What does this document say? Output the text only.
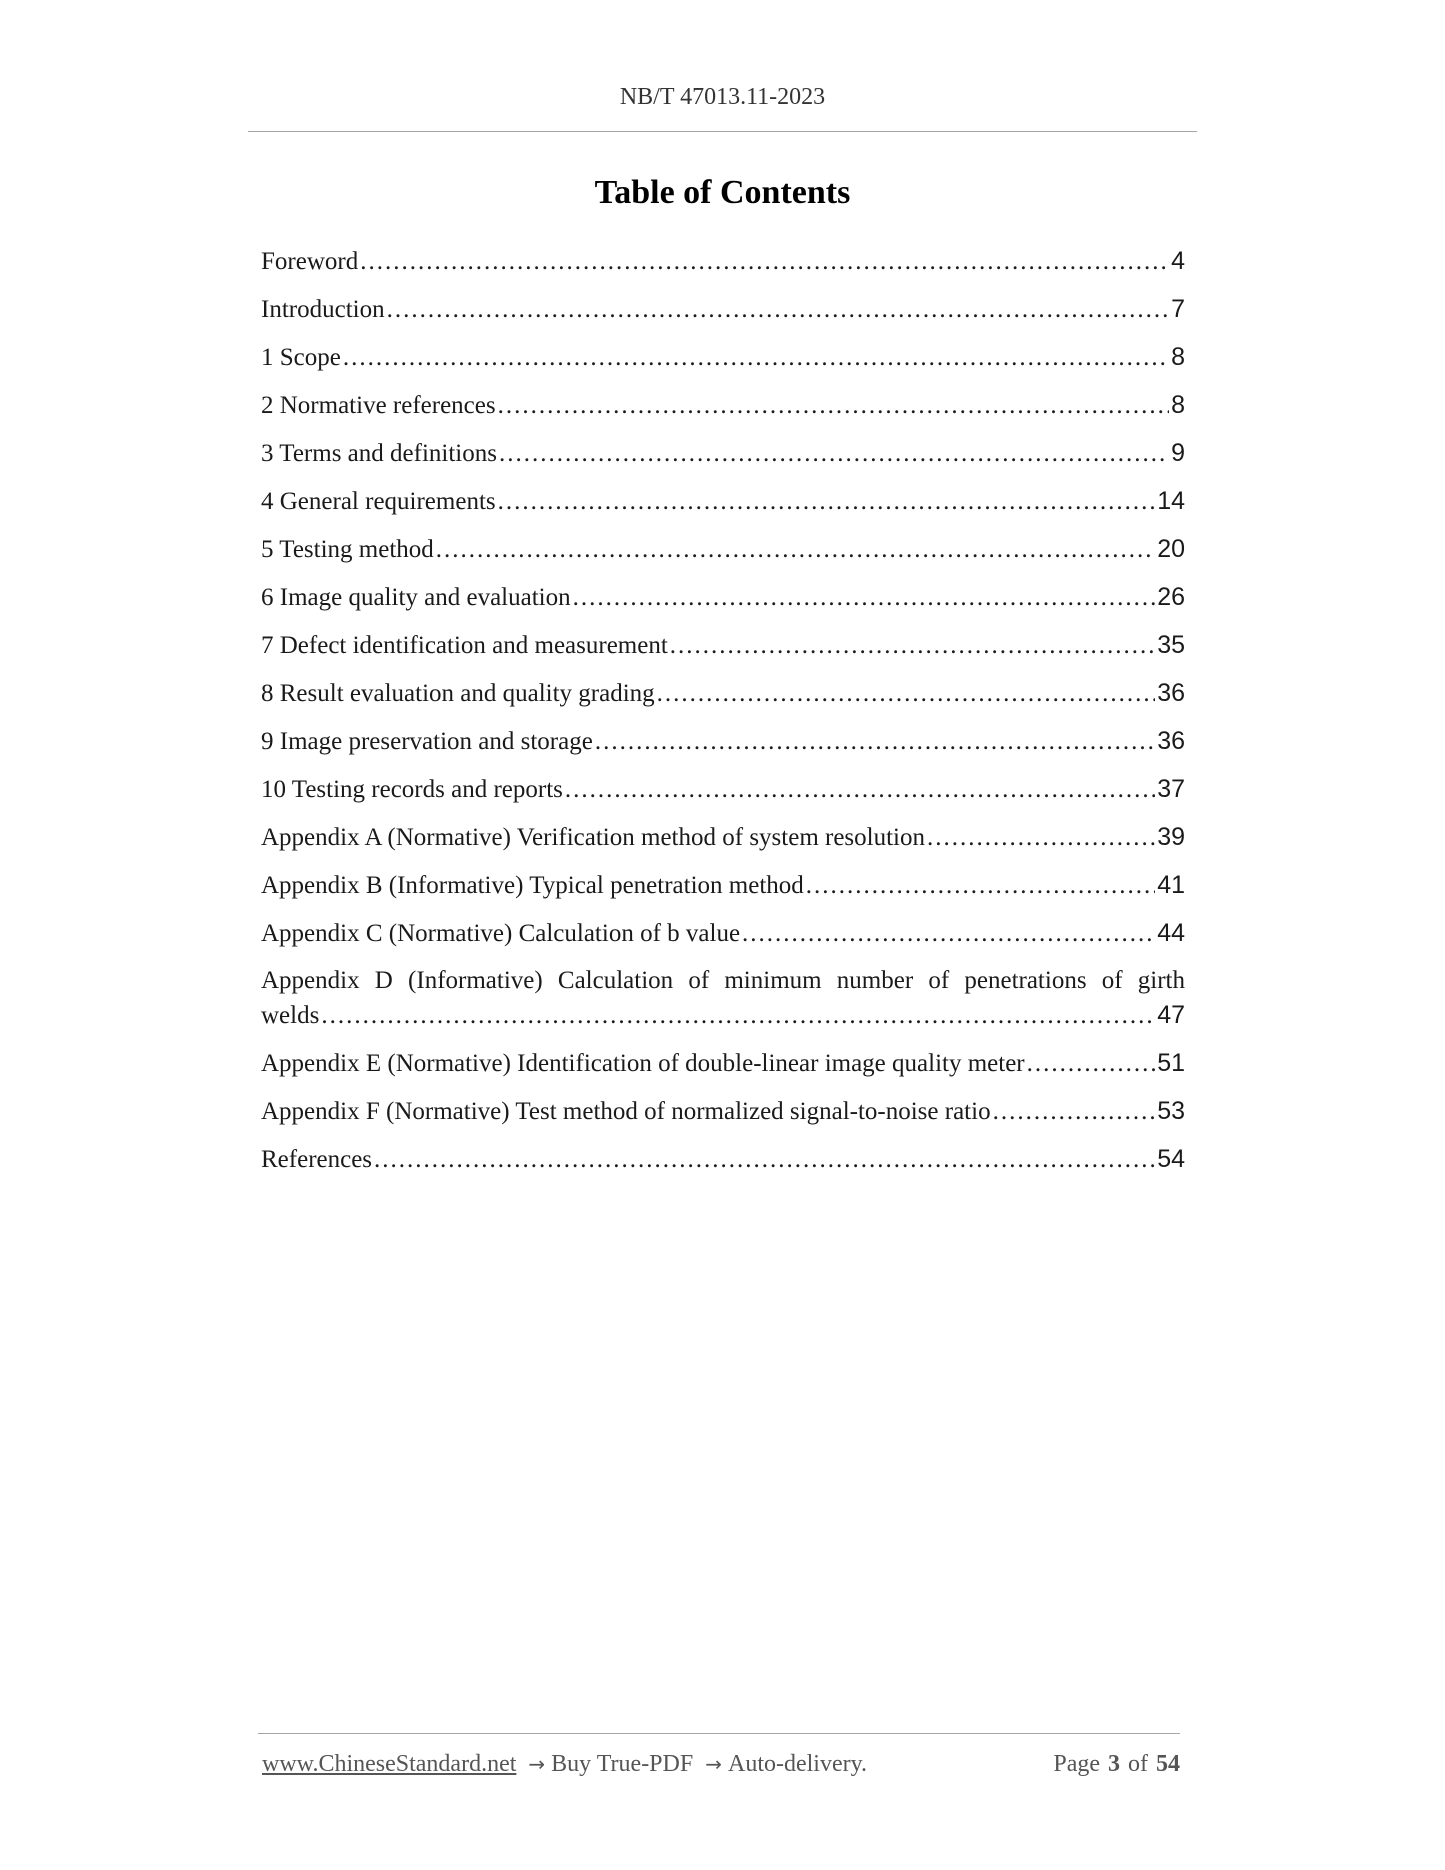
NB/T 47013.11-2023
Table of Contents
Foreword .....	4
Introduction .....	7
1 Scope .....	8
2 Normative references .....	8
3 Terms and definitions .....	9
4 General requirements .....	14
5 Testing method .....	20
6 Image quality and evaluation .....	26
7 Defect identification and measurement .....	35
8 Result evaluation and quality grading .....	36
9 Image preservation and storage .....	36
10 Testing records and reports .....	37
Appendix A (Normative) Verification method of system resolution .....	39
Appendix B (Informative) Typical penetration method .....	41
Appendix C (Normative) Calculation of b value .....	44
Appendix D (Informative) Calculation of minimum number of penetrations of girth
welds .....	47
Appendix E (Normative) Identification of double-linear image quality meter .....	51
Appendix F (Normative) Test method of normalized signal-to-noise ratio .....	53
References .....	54
www.ChineseStandard.net → Buy True-PDF → Auto-delivery.	Page 3 of 54
